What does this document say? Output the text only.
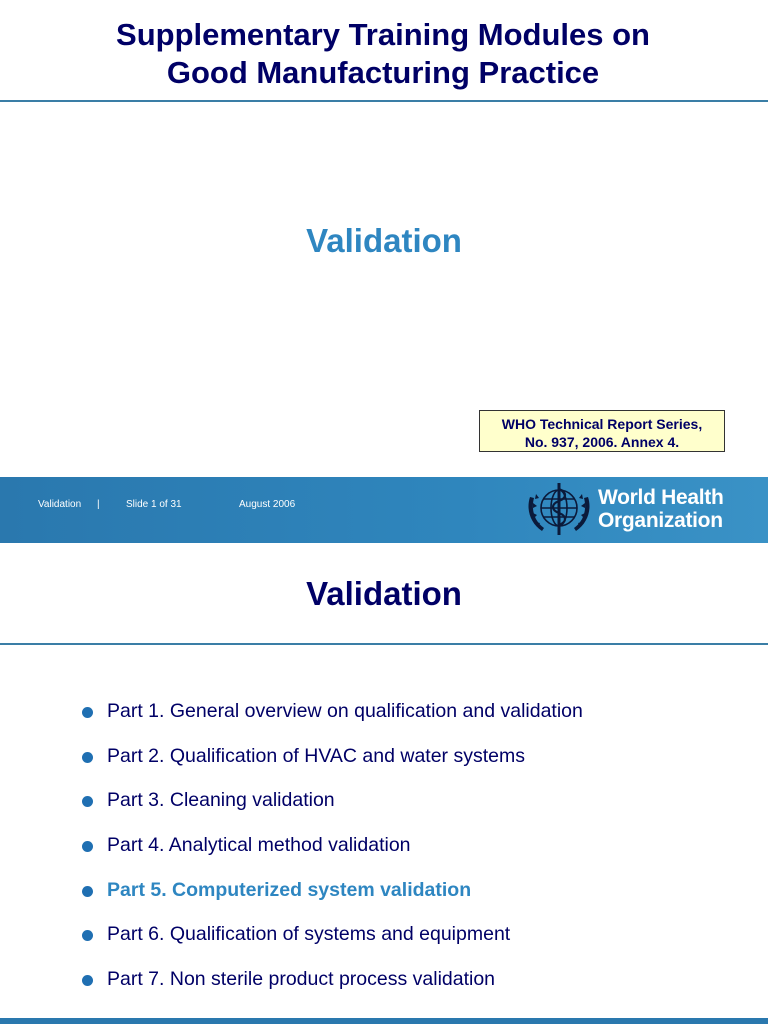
Supplementary Training Modules on
Good Manufacturing Practice
Validation
WHO Technical Report Series,
No. 937, 2006. Annex 4.
Validation |	Slide 1 of 31	August 2006	World Health
Organization
Validation
Part 1. General overview on qualification and validation
Part 2. Qualification of HVAC and water systems
Part 3. Cleaning validation
Part 4. Analytical method validation
Part 5. Computerized system validation
Part 6. Qualification of systems and equipment
Part 7. Non sterile product process validation
